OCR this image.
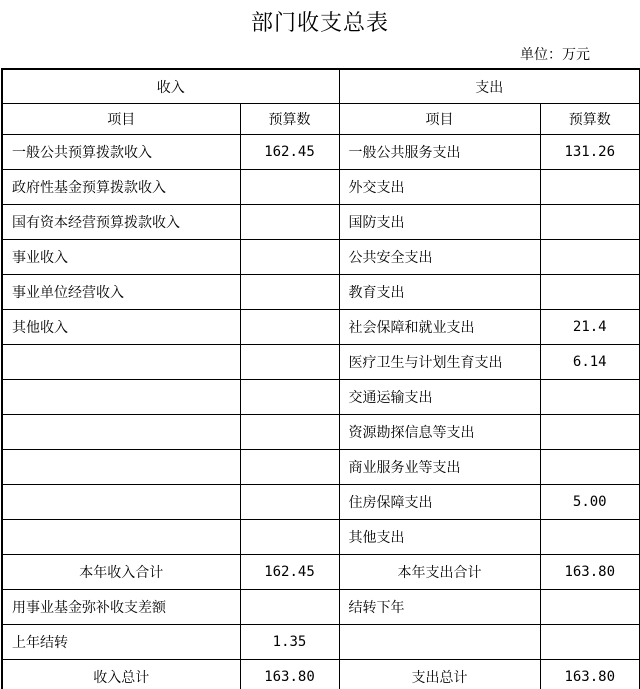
部门收支总表
单位：万元
收入		支出	
项目	预算数	项目	预算数
一般公共预算拨款收入	162.45	一般公共服务支出	131.26
政府性基金预算拨款收入		外交支出	
国有资本经营预算拨款收入		国防支出	
事业收入		公共安全支出	
事业单位经营收入		教育支出	
其他收入		社会保障和就业支出	21.4
		医疗卫生与计划生育支出	6.14
		交通运输支出	
		资源勘探信息等支出	
		商业服务业等支出	
		住房保障支出	5.00
		其他支出	
本年收入合计	162.45	本年支出合计	163.80
用事业基金弥补收支差额		结转下年	
上年结转	1.35		
收入总计	163.80	支出总计	163.80
